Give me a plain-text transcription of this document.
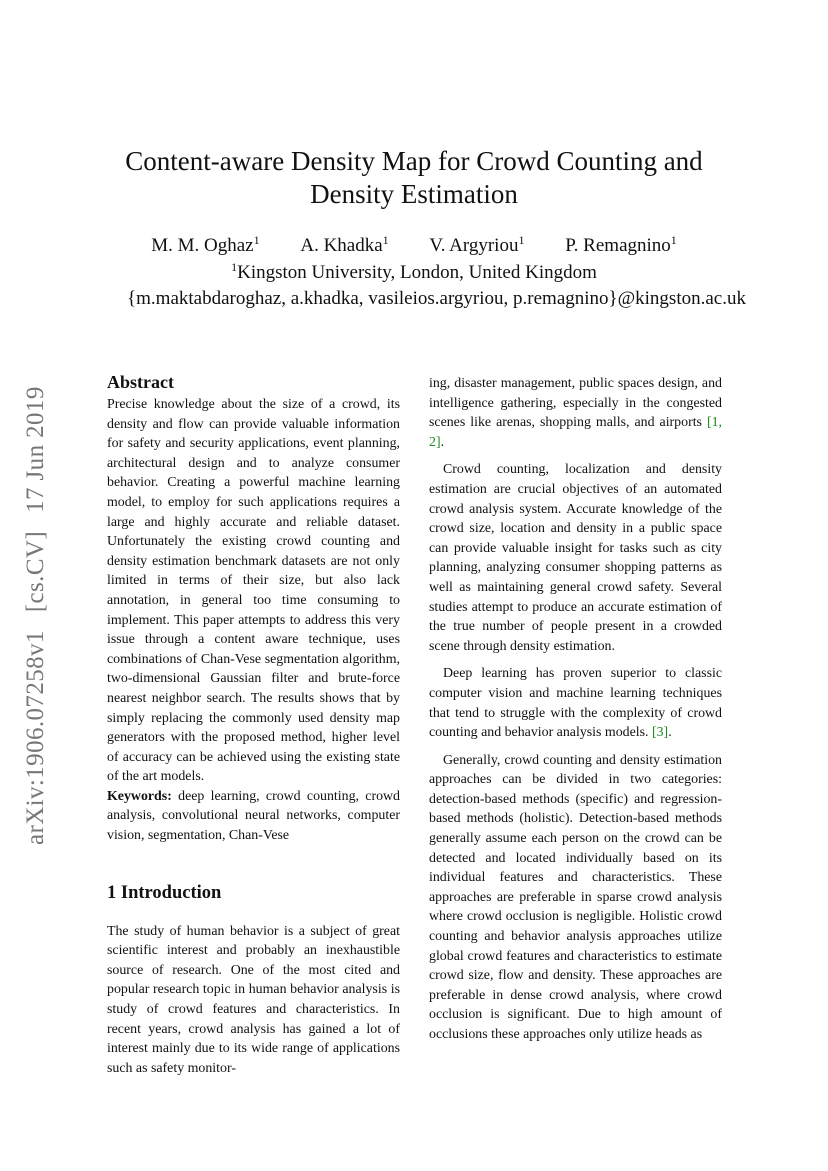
arXiv:1906.07258v1[cs.CV]17 Jun 2019
Content-aware Density Map for Crowd Counting and
Density Estimation
M. M. Oghaz$^1$ A. Khadka$^1$ V. Argyriou$^1$ P. Remagnino$^1$
$^1$Kingston University, London, United Kingdom
{m.maktabdaroghaz, a.khadka, vasileios.argyriou, p.remagnino}@kingston.ac.uk
Abstract

Precise knowledge about the size of a crowd, its density and flow can provide valuable information for safety and security applications, event planning, architectural design and to analyze consumer behavior. Creating a powerful machine learning model, to employ for such applications requires a large and highly accurate and reliable dataset. Unfortunately the existing crowd counting and density estimation benchmark datasets are not only limited in terms of their size, but also lack annotation, in general too time consuming to implement. This paper attempts to address this very issue through a content aware technique, uses combinations of Chan-Vese segmentation algorithm, two-dimensional Gaussian filter and brute-force nearest neighbor search. The results shows that by simply replacing the commonly used density map generators with the proposed method, higher level of accuracy can be achieved using the existing state of the art models.

Keywords: deep learning, crowd counting, crowd analysis, convolutional neural networks, computer vision, segmentation, Chan-Vese

1 Introduction

The study of human behavior is a subject of great scientific interest and probably an inexhaustible source of research. One of the most cited and popular research topic in human behavior analysis is study of crowd features and characteristics. In recent years, crowd analysis has gained a lot of interest mainly due to its wide range of applications such as safety monitor-

ing, disaster management, public spaces design, and intelligence gathering, especially in the congested scenes like arenas, shopping malls, and airports [1, 2].

Crowd counting, localization and density estimation are crucial objectives of an automated crowd analysis system. Accurate knowledge of the crowd size, location and density in a public space can provide valuable insight for tasks such as city planning, analyzing consumer shopping patterns as well as maintaining general crowd safety. Several studies attempt to produce an accurate estimation of the true number of people present in a crowded scene through density estimation.

Deep learning has proven superior to classic computer vision and machine learning techniques that tend to struggle with the complexity of crowd counting and behavior analysis models. [3].

Generally, crowd counting and density estimation approaches can be divided in two categories: detection-based methods (specific) and regression-based methods (holistic). Detection-based methods generally assume each person on the crowd can be detected and located individually based on its individual features and characteristics. These approaches are preferable in sparse crowd analysis where crowd occlusion is negligible. Holistic crowd counting and behavior analysis approaches utilize global crowd features and characteristics to estimate crowd size, flow and density. These approaches are preferable in dense crowd analysis, where crowd occlusion is significant. Due to high amount of occlusions these approaches only utilize heads as
